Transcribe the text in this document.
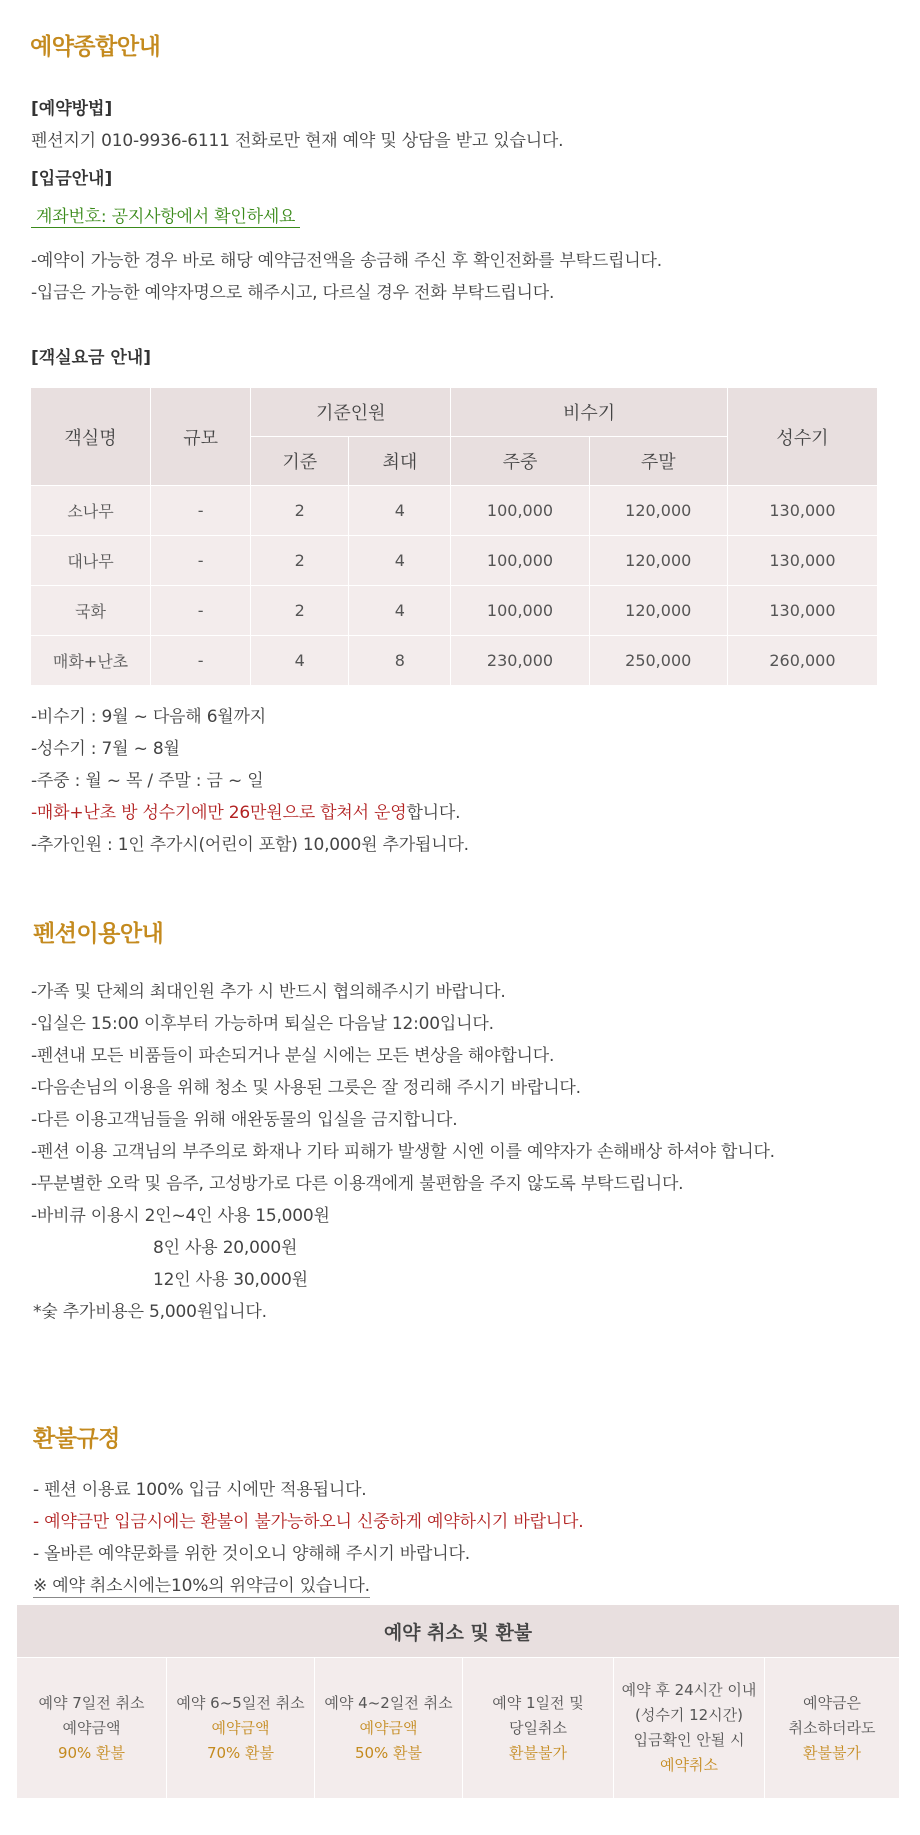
예약종합안내
[예약방법]
펜션지기 010-9936-6111 전화로만 현재 예약 및 상담을 받고 있습니다.
[입금안내]
계좌번호: 공지사항에서 확인하세요
-예약이 가능한 경우 바로 해당 예약금전액을 송금해 주신 후 확인전화를 부탁드립니다.
-입금은 가능한 예약자명으로 해주시고, 다르실 경우 전화 부탁드립니다.
[객실요금 안내]
객실명	규모	기준인원		비수기		성수기
		기준	최대	주중	주말	
소나무	-	2	4	100,000	120,000	130,000
대나무	-	2	4	100,000	120,000	130,000
국화	-	2	4	100,000	120,000	130,000
매화+난초	-	4	8	230,000	250,000	260,000
-비수기 : 9월 ~ 다음해 6월까지
-성수기 : 7월 ~ 8월
-주중 : 월 ~ 목 / 주말 : 금 ~ 일
-매화+난초 방 성수기에만 26만원으로 합쳐서 운영합니다.
-추가인원 : 1인 추가시(어린이 포함) 10,000원 추가됩니다.
펜션이용안내
-가족 및 단체의 최대인원 추가 시 반드시 협의해주시기 바랍니다.
-입실은 15:00 이후부터 가능하며 퇴실은 다음날 12:00입니다.
-펜션내 모든 비품들이 파손되거나 분실 시에는 모든 변상을 해야합니다.
-다음손님의 이용을 위해 청소 및 사용된 그릇은 잘 정리해 주시기 바랍니다.
-다른 이용고객님들을 위해 애완동물의 입실을 금지합니다.
-펜션 이용 고객님의 부주의로 화재나 기타 피해가 발생할 시엔 이를 예약자가 손해배상 하셔야 합니다.
-무분별한 오락 및 음주, 고성방가로 다른 이용객에게 불편함을 주지 않도록 부탁드립니다.
-바비큐 이용시 2인~4인 사용 15,000원
8인 사용 20,000원
12인 사용 30,000원
*숯 추가비용은 5,000원입니다.
환불규정
- 펜션 이용료 100% 입금 시에만 적용됩니다.
- 예약금만 입금시에는 환불이 불가능하오니 신중하게 예약하시기 바랍니다.
- 올바른 예약문화를 위한 것이오니 양해해 주시기 바랍니다.
※ 예약 취소시에는10%의 위약금이 있습니다.
예약 취소 및 환불

예약 7일전 취소
예약금액
90% 환불

예약 6~5일전 취소
예약금액
70% 환불

예약 4~2일전 취소
예약금액
50% 환불

예약 1일전 및
당일취소
환불불가

예약 후 24시간 이내
(성수기 12시간)
입금확인 안될 시
예약취소

예약금은
취소하더라도
환불불가
